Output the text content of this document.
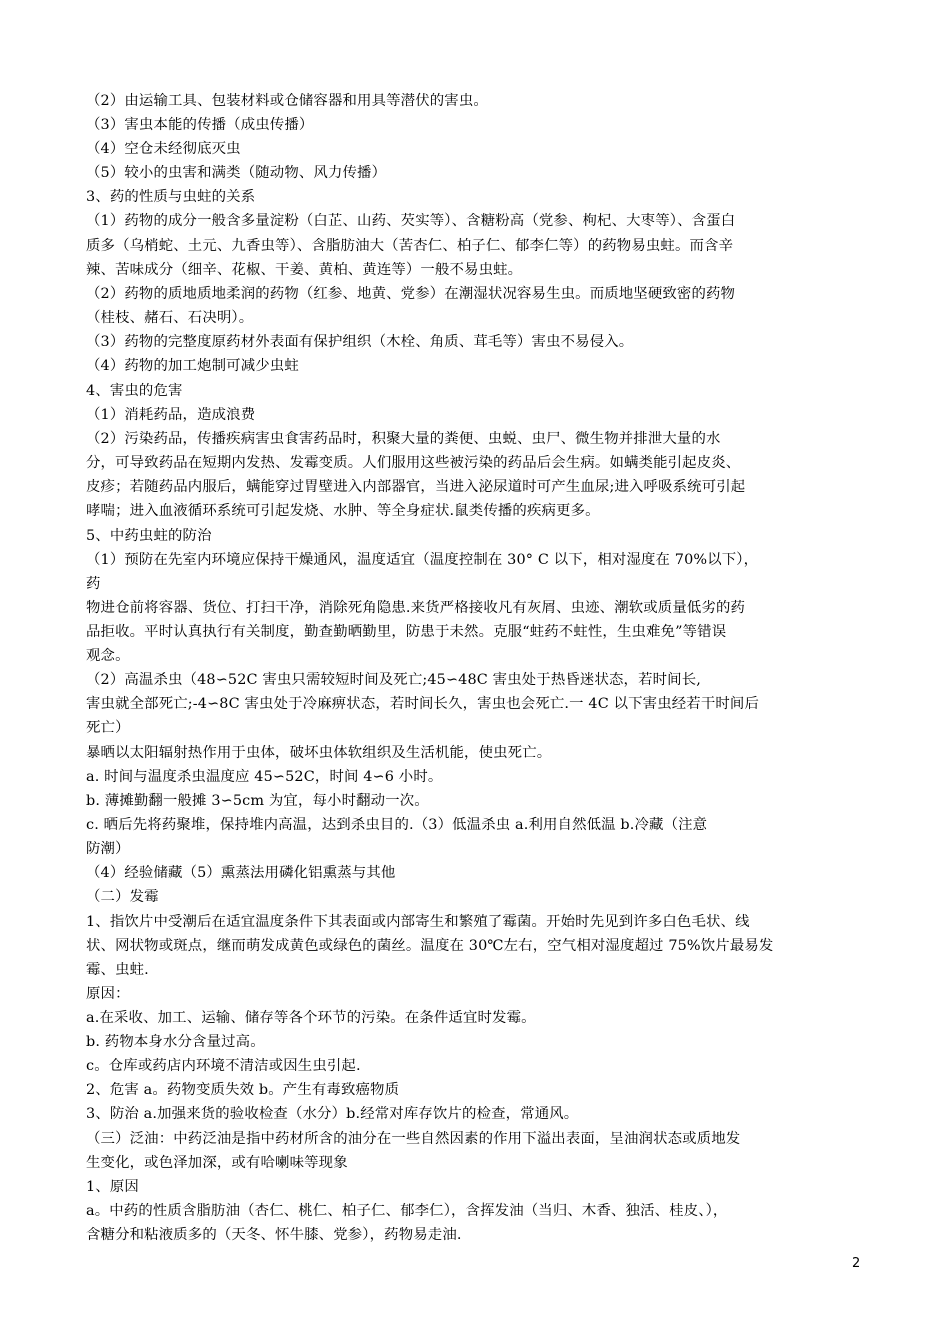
（2）由运输工具、包装材料或仓储容器和用具等潜伏的害虫。
（3）害虫本能的传播（成虫传播）
（4）空仓未经彻底灭虫
（5）较小的虫害和满类（随动物、风力传播）
3、药的性质与虫蛀的关系
（1）药物的成分一般含多量淀粉（白芷、山药、芡实等）、含糖粉高（党参、枸杞、大枣等）、含蛋白
质多（乌梢蛇、土元、九香虫等）、含脂肪油大（苦杏仁、柏子仁、郁李仁等）的药物易虫蛀。而含辛
辣、苦味成分（细辛、花椒、干姜、黄柏、黄连等）一般不易虫蛀。
（2）药物的质地质地柔润的药物（红参、地黄、党参）在潮湿状况容易生虫。而质地坚硬致密的药物
（桂枝、赭石、石决明）。
（3）药物的完整度原药材外表面有保护组织（木栓、角质、茸毛等）害虫不易侵入。
（4）药物的加工炮制可减少虫蛀
4、害虫的危害
（1）消耗药品，造成浪费
（2）污染药品，传播疾病害虫食害药品时，积聚大量的粪便、虫蜕、虫尸、微生物并排泄大量的水
分，可导致药品在短期内发热、发霉变质。人们服用这些被污染的药品后会生病。如螨类能引起皮炎、
皮疹；若随药品内服后，螨能穿过胃壁进入内部器官，当进入泌尿道时可产生血尿;进入呼吸系统可引起
哮喘；进入血液循环系统可引起发烧、水肿、等全身症状.鼠类传播的疾病更多。
5、中药虫蛀的防治
（1）预防在先室内环境应保持干燥通风，温度适宜（温度控制在 30° C 以下，相对湿度在 70%以下），
药
物进仓前将容器、货位、打扫干净，消除死角隐患.来货严格接收凡有灰屑、虫迹、潮软或质量低劣的药
品拒收。平时认真执行有关制度，勤查勤晒勤里，防患于未然。克服“蛀药不蛀性，生虫难免”等错误
观念。
（2）高温杀虫（48∽52C 害虫只需较短时间及死亡;45∽48C 害虫处于热昏迷状态，若时间长,
害虫就全部死亡;-4∽8C 害虫处于冷麻痹状态，若时间长久，害虫也会死亡.一 4C 以下害虫经若干时间后
死亡）
暴晒以太阳辐射热作用于虫体，破坏虫体软组织及生活机能，使虫死亡。
a. 时间与温度杀虫温度应 45∽52C，时间 4∽6 小时。
b. 薄摊勤翻一般摊 3∽5cm 为宜，每小时翻动一次。
c. 晒后先将药聚堆，保持堆内高温，达到杀虫目的.（3）低温杀虫 a.利用自然低温 b.冷藏（注意
防潮）
（4）经验储藏（5）熏蒸法用磷化铝熏蒸与其他
（二）发霉
1、指饮片中受潮后在适宜温度条件下其表面或内部寄生和繁殖了霉菌。开始时先见到许多白色毛状、线
状、网状物或斑点，继而萌发成黄色或绿色的菌丝。温度在 30℃左右，空气相对湿度超过 75%饮片最易发
霉、虫蛀.
原因：
a.在采收、加工、运输、储存等各个环节的污染。在条件适宜时发霉。
b. 药物本身水分含量过高。
c。仓库或药店内环境不清洁或因生虫引起.
2、危害 a。药物变质失效 b。产生有毒致癌物质
3、防治 a.加强来货的验收检查（水分）b.经常对库存饮片的检查，常通风。
（三）泛油：中药泛油是指中药材所含的油分在一些自然因素的作用下溢出表面，呈油润状态或质地发
生变化，或色泽加深，或有哈喇味等现象
1、原因
a。中药的性质含脂肪油（杏仁、桃仁、柏子仁、郁李仁），含挥发油（当归、木香、独活、桂皮、），
含糖分和粘液质多的（天冬、怀牛膝、党参），药物易走油.
2
